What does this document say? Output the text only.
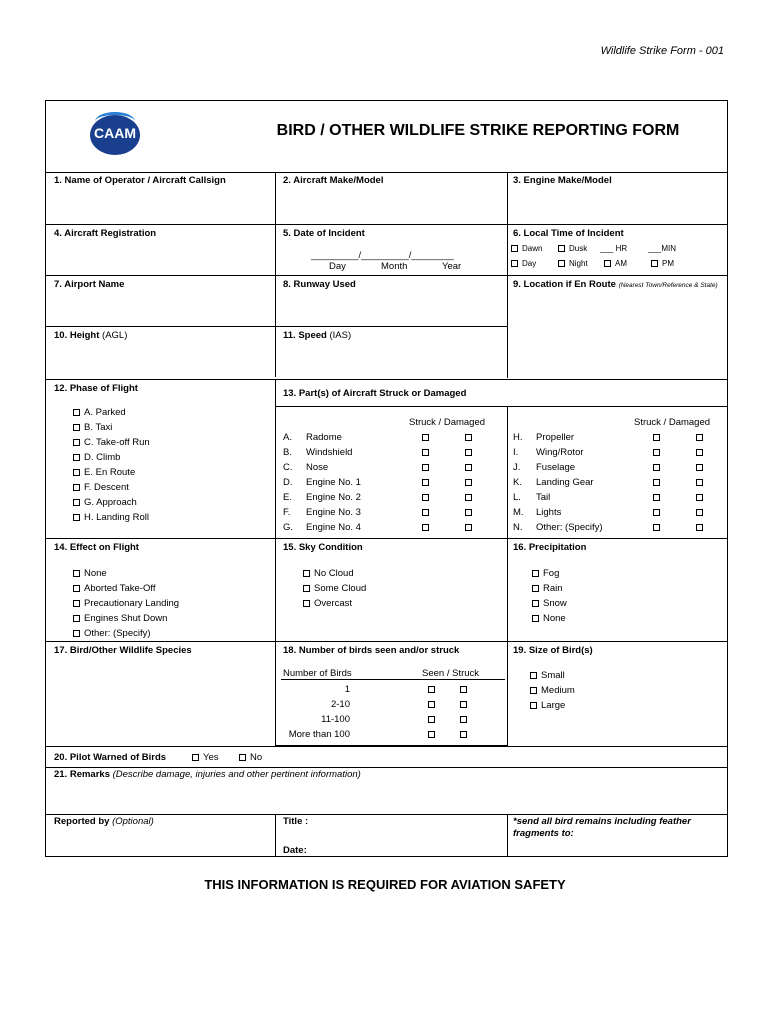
Wildlife Strike Form - 001
CAAM	BIRD / OTHER WILDLIFE STRIKE REPORTING FORM
1. Name of Operator / Aircraft Callsign	2. Aircraft Make/Model	3. Engine Make/Model
4. Aircraft Registration	5. Date of Incident
_________/_________/________
Day	Month	Year
6. Local Time of Incident
Dawn	Dusk ___ HR	___MIN
Day	Night	AM	PM
7. Airport Name	8. Runway Used	9. Location if En Route (Nearest Town/Reference & State)
10. Height (AGL)	11. Speed (IAS)
12. Phase of Flight
A. Parked
B. Taxi
C. Take-off Run
D. Climb
E. En Route
F. Descent
G. Approach
H. Landing Roll
13. Part(s) of Aircraft Struck or Damaged
Struck / Damaged	Struck / Damaged
A. Radome
B. Windshield
C. Nose
D. Engine No. 1
E. Engine No. 2
F. Engine No. 3
G. Engine No. 4
H. Propeller
I. Wing/Rotor
J. Fuselage
K. Landing Gear
L. Tail
M. Lights
N. Other: (Specify)
14. Effect on Flight
None
Aborted Take-Off
Precautionary Landing
Engines Shut Down
Other: (Specify)
15. Sky Condition
No Cloud
Some Cloud
Overcast
16. Precipitation
Fog
Rain
Snow
None
17. Bird/Other Wildlife Species	18. Number of birds seen and/or struck
Number of Birds	Seen / Struck
1
2-10
11-100
More than 100
19. Size of Bird(s)
Small
Medium
Large
20. Pilot Warned of Birds	Yes	No
21. Remarks (Describe damage, injuries and other pertinent information)
Reported by (Optional)	Title :
Date:
*send all bird remains including feather
fragments to:
THIS INFORMATION IS REQUIRED FOR AVIATION SAFETY
